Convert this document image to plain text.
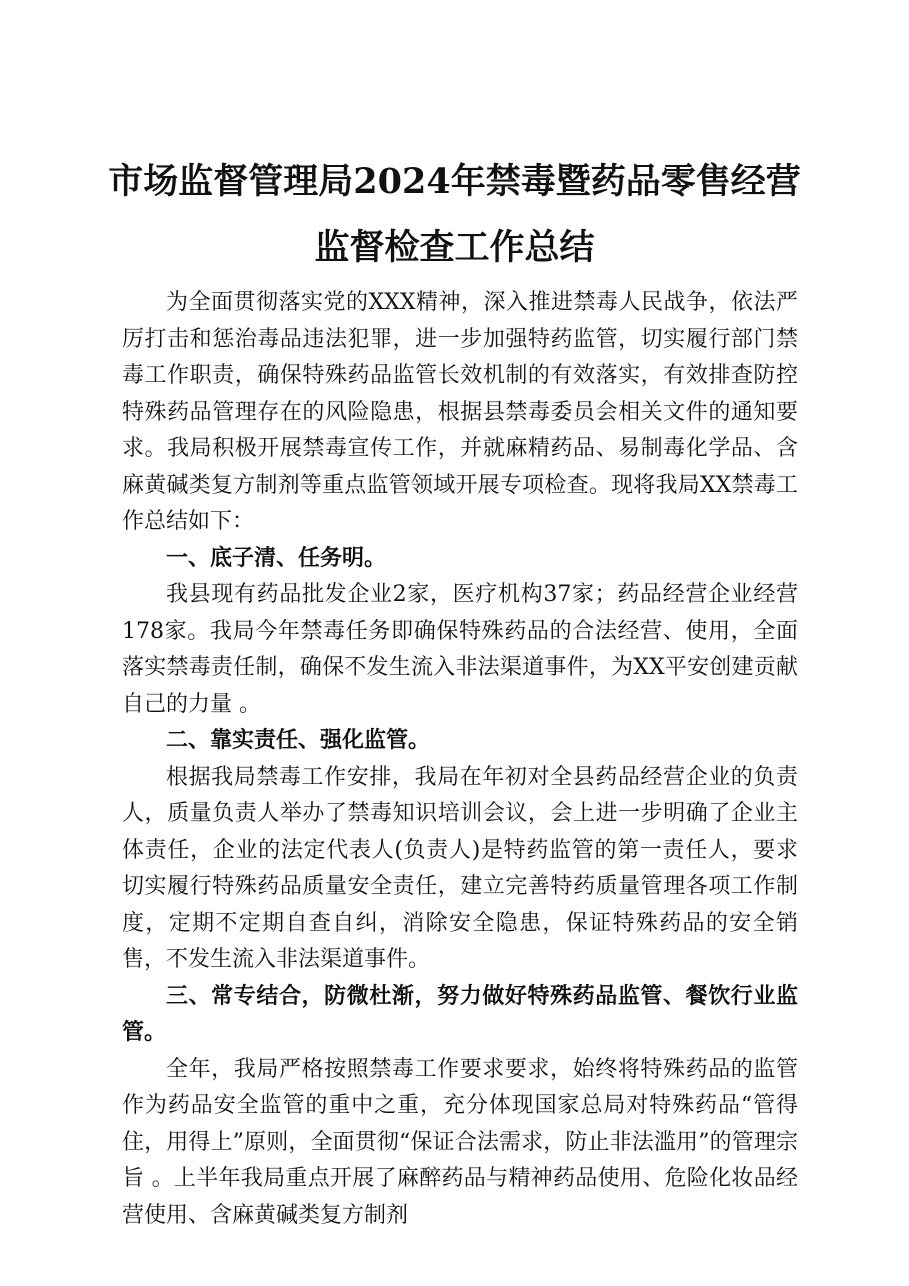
市场监督管理局2024年禁毒暨药品零售经营
监督检查工作总结

为全面贯彻落实党的XXX精神，深入推进禁毒人民战争，依法严厉打击和惩治毒品违法犯罪，进一步加强特药监管，切实履行部门禁毒工作职责，确保特殊药品监管长效机制的有效落实，有效排查防控特殊药品管理存在的风险隐患，根据县禁毒委员会相关文件的通知要求。我局积极开展禁毒宣传工作，并就麻精药品、易制毒化学品、含麻黄碱类复方制剂等重点监管领域开展专项检查。现将我局XX禁毒工作总结如下：

一、底子清、任务明。

我县现有药品批发企业2家，医疗机构37家；药品经营企业经营178家。我局今年禁毒任务即确保特殊药品的合法经营、使用，全面落实禁毒责任制，确保不发生流入非法渠道事件，为XX平安创建贡献自己的力量 。

二、靠实责任、强化监管。

根据我局禁毒工作安排，我局在年初对全县药品经营企业的负责人，质量负责人举办了禁毒知识培训会议，会上进一步明确了企业主体责任，企业的法定代表人(负责人)是特药监管的第一责任人，要求切实履行特殊药品质量安全责任，建立完善特药质量管理各项工作制度，定期不定期自查自纠，消除安全隐患，保证特殊药品的安全销售，不发生流入非法渠道事件。

三、常专结合，防微杜渐，努力做好特殊药品监管、餐饮行业监管。

全年，我局严格按照禁毒工作要求要求，始终将特殊药品的监管作为药品安全监管的重中之重，充分体现国家总局对特殊药品“管得住，用得上”原则，全面贯彻“保证合法需求，防止非法滥用”的管理宗旨 。上半年我局重点开展了麻醉药品与精神药品使用、危险化妆品经营使用、含麻黄碱类复方制剂
